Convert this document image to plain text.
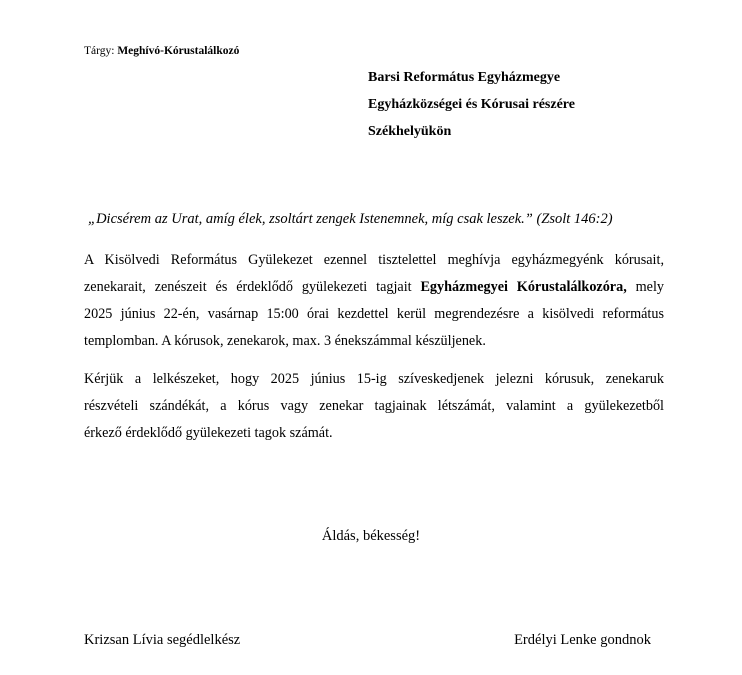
Tárgy: Meghívó-Kórustalálkozó
Barsi Református Egyházmegye
Egyházközségei és Kórusai részére
Székhelyükön
„Dicsérem az Urat, amíg élek, zsoltárt zengek Istenemnek, míg csak leszek.” (Zsolt 146:2)
A Kisölvedi Református Gyülekezet ezennel tisztelettel meghívja egyházmegyénk kórusait,
zenekarait, zenészeit és érdeklődő gyülekezeti tagjait Egyházmegyei Kórustalálkozóra, mely
2025 június 22-én, vasárnap 15:00 órai kezdettel kerül megrendezésre a kisölvedi református
templomban. A kórusok, zenekarok, max. 3 énekszámmal készüljenek.
Kérjük a lelkészeket, hogy 2025 június 15-ig szíveskedjenek jelezni kórusuk, zenekaruk
részvételi szándékát, a kórus vagy zenekar tagjainak létszámát, valamint a gyülekezetből
érkező érdeklődő gyülekezeti tagok számát.
Áldás, békesség!
Krizsan Lívia segédlelkész	Erdélyi Lenke gondnok
